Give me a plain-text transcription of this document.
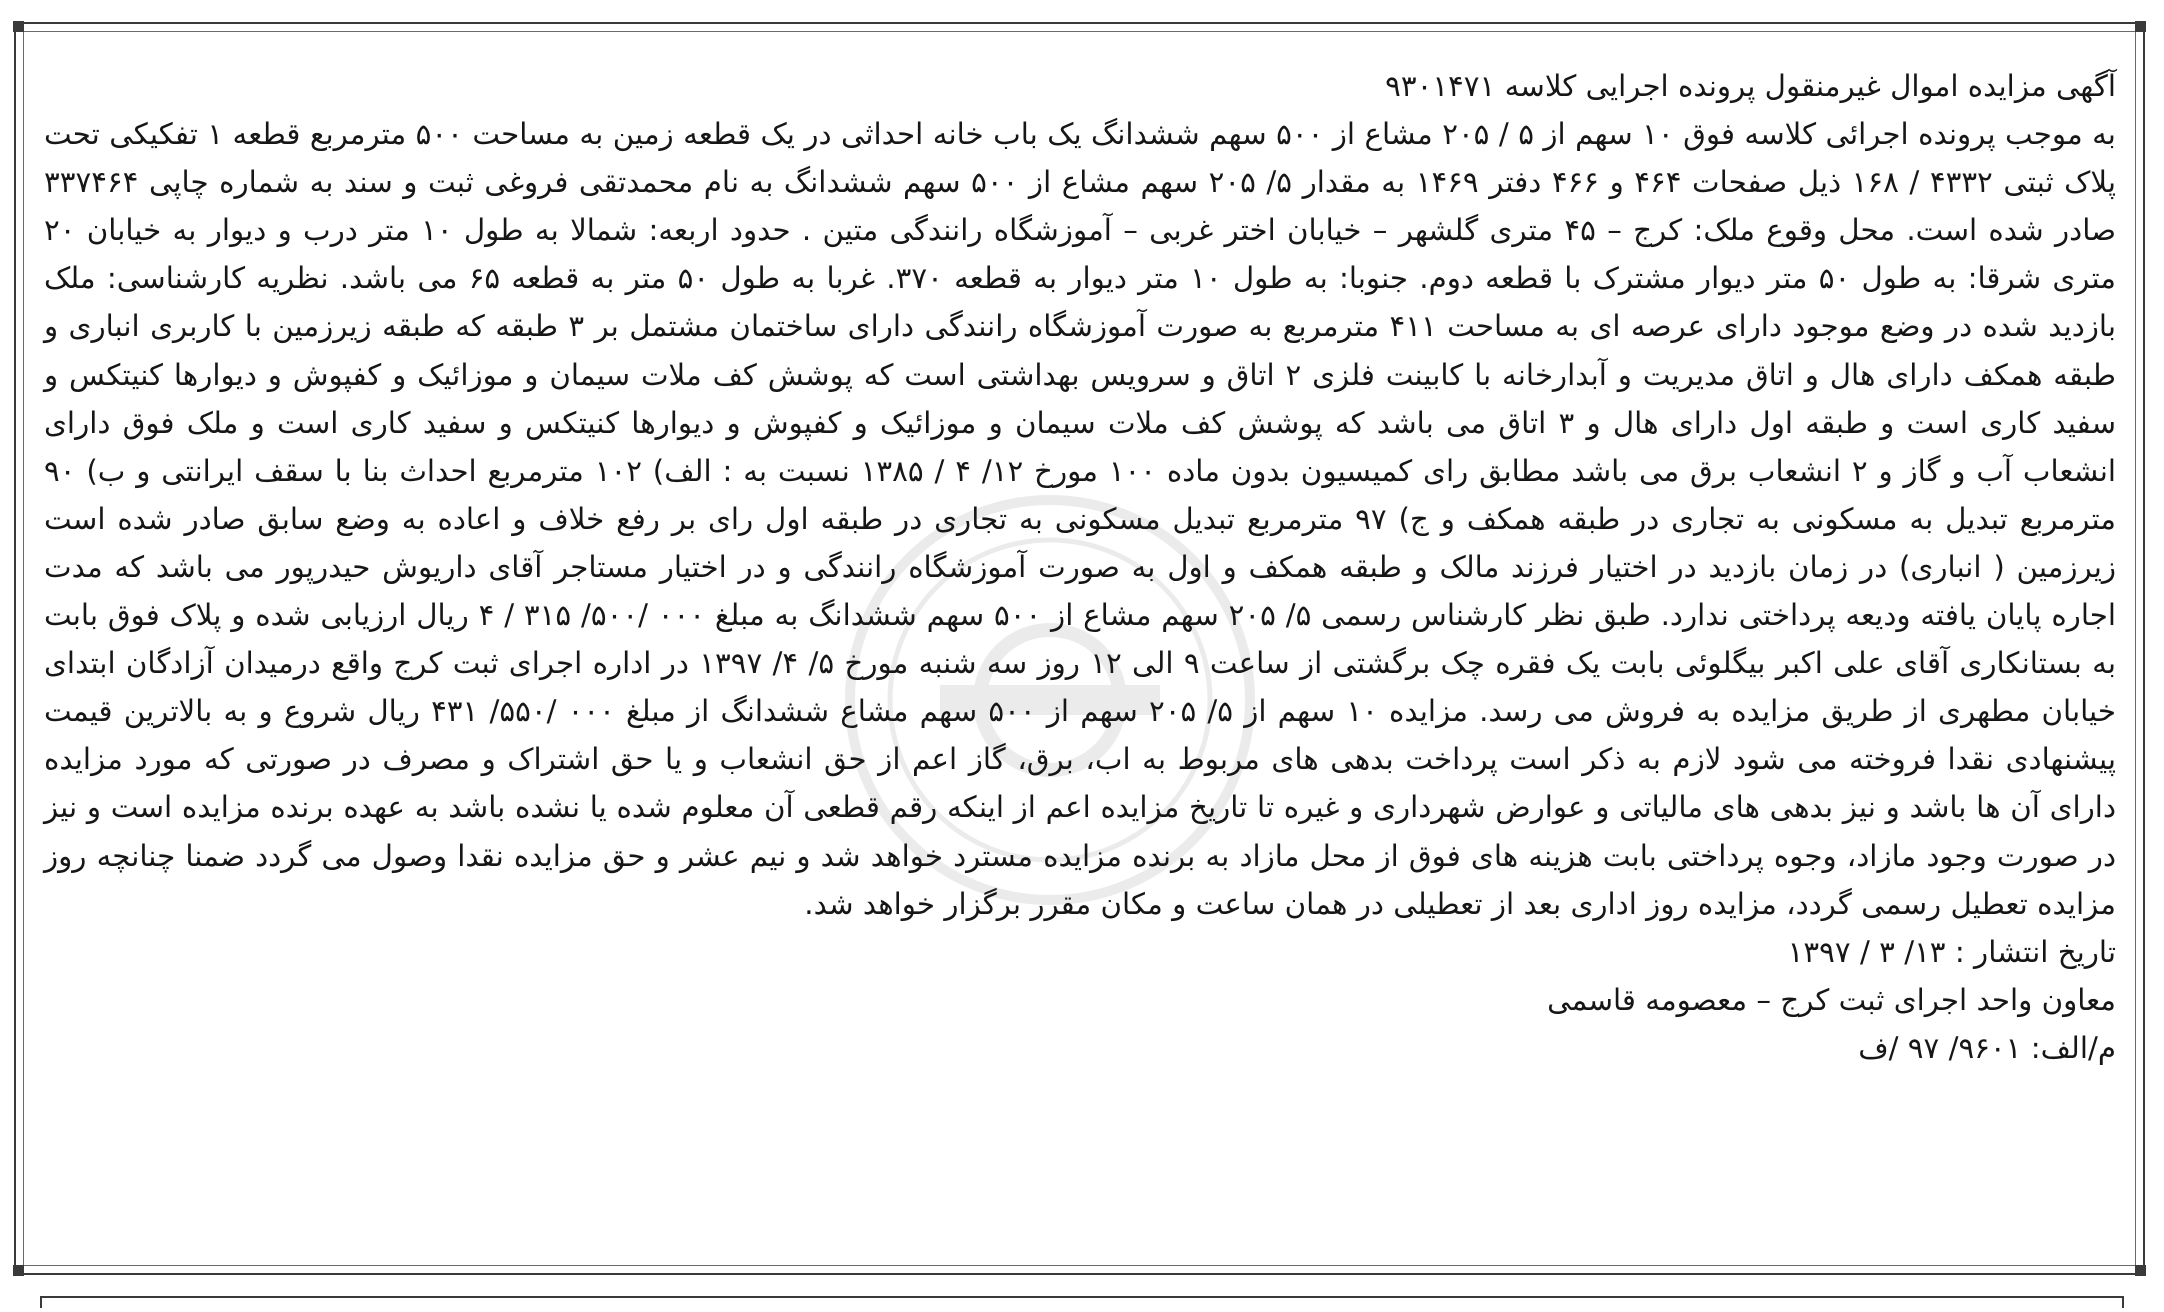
آگهی مزایده اموال غیرمنقول پرونده اجرایی کلاسه ۹۳۰۱۴۷۱

به موجب پرونده اجرائی کلاسه فوق ۱۰ سهم از ۵ / ۲۰۵ مشاع از ۵۰۰ سهم ششدانگ یک باب خانه احداثی در یک قطعه زمین به مساحت ۵۰۰ مترمربع قطعه ۱ تفکیکی تحت پلاک ثبتی ۴۳۳۲ / ۱۶۸ ذیل صفحات ۴۶۴ و ۴۶۶ دفتر ۱۴۶۹ به مقدار ۵/ ۲۰۵ سهم مشاع از ۵۰۰ سهم ششدانگ به نام محمدتقی فروغی ثبت و سند به شماره چاپی ۳۳۷۴۶۴ صادر شده است. محل وقوع ملک: کرج – ۴۵ متری گلشهر – خیابان اختر غربی – آموزشگاه رانندگی متین . حدود اربعه: شمالا به طول ۱۰ متر درب و دیوار به خیابان ۲۰ متری شرقا: به طول ۵۰ متر دیوار مشترک با قطعه دوم. جنوبا: به طول ۱۰ متر دیوار به قطعه ۳۷۰. غربا به طول ۵۰ متر به قطعه ۶۵ می باشد. نظریه کارشناسی: ملک بازدید شده در وضع موجود دارای عرصه ای به مساحت ۴۱۱ مترمربع به صورت آموزشگاه رانندگی دارای ساختمان مشتمل بر ۳ طبقه که طبقه زیرزمین با کاربری انباری و طبقه همکف دارای هال و اتاق مدیریت و آبدارخانه با کابینت فلزی ۲ اتاق و سرویس بهداشتی است که پوشش کف ملات سیمان و موزائیک و کفپوش و دیوارها کنیتکس و سفید کاری است و طبقه اول دارای هال و ۳ اتاق می باشد که پوشش کف ملات سیمان و موزائیک و کفپوش و دیوارها کنیتکس و سفید کاری است و ملک فوق دارای انشعاب آب و گاز و ۲ انشعاب برق می باشد مطابق رای کمیسیون بدون ماده ۱۰۰ مورخ ۱۲/ ۴ / ۱۳۸۵ نسبت به : الف) ۱۰۲ مترمربع احداث بنا با سقف ایرانتی و ب) ۹۰ مترمربع تبدیل به مسکونی به تجاری در طبقه همکف و ج) ۹۷ مترمربع تبدیل مسکونی به تجاری در طبقه اول رای بر رفع خلاف و اعاده به وضع سابق صادر شده است زیرزمین ( انباری) در زمان بازدید در اختیار فرزند مالک و طبقه همکف و اول به صورت آموزشگاه رانندگی و در اختیار مستاجر آقای داریوش حیدرپور می باشد که مدت اجاره پایان یافته ودیعه پرداختی ندارد. طبق نظر کارشناس رسمی ۵/ ۲۰۵ سهم مشاع از ۵۰۰ سهم ششدانگ به مبلغ ۰۰۰ /۵۰۰/ ۳۱۵ / ۴ ریال ارزیابی شده و پلاک فوق بابت به بستانکاری آقای علی اکبر بیگلوئی بابت یک فقره چک برگشتی از ساعت ۹ الی ۱۲ روز سه شنبه مورخ ۵/ ۴/ ۱۳۹۷ در اداره اجرای ثبت کرج واقع درمیدان آزادگان ابتدای خیابان مطهری از طریق مزایده به فروش می رسد. مزایده ۱۰ سهم از ۵/ ۲۰۵ سهم از ۵۰۰ سهم مشاع ششدانگ از مبلغ ۰۰۰ /۵۵۰/ ۴۳۱ ریال شروع و به بالاترین قیمت پیشنهادی نقدا فروخته می شود لازم به ذکر است پرداخت بدهی های مربوط به اب، برق، گاز اعم از حق انشعاب و یا حق اشتراک و مصرف در صورتی که مورد مزایده دارای آن ها باشد و نیز بدهی های مالیاتی و عوارض شهرداری و غیره تا تاریخ مزایده اعم از اینکه رقم قطعی آن معلوم شده یا نشده باشد به عهده برنده مزایده است و نیز در صورت وجود مازاد، وجوه پرداختی بابت هزینه های فوق از محل مازاد به برنده مزایده مسترد خواهد شد و نیم عشر و حق مزایده نقدا وصول می گردد ضمنا چنانچه روز مزایده تعطیل رسمی گردد، مزایده روز اداری بعد از تعطیلی در همان ساعت و مکان مقرر برگزار خواهد شد.

تاریخ انتشار : ۱۳/ ۳ / ۱۳۹۷

معاون واحد اجرای ثبت کرج – معصومه قاسمی

م/الف: ۹۶۰۱/ ۹۷ /ف
